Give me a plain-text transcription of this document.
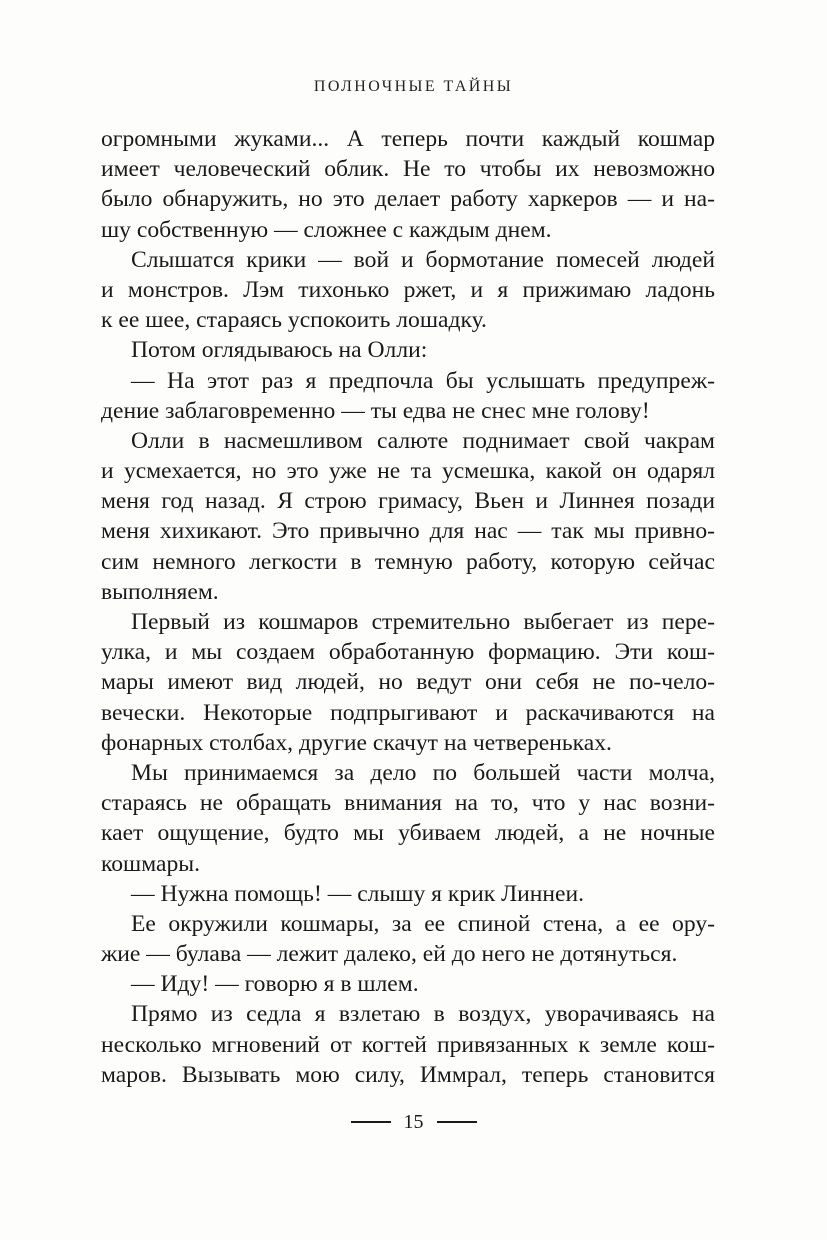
ПОЛНОЧНЫЕ ТАЙНЫ
огромными жуками... А теперь почти каждый кошмар
имеет человеческий облик. Не то чтобы их невозможно
было обнаружить, но это делает работу харкеров — и на-
шу собственную — сложнее с каждым днем.
Слышатся крики — вой и бормотание помесей людей
и монстров. Лэм тихонько ржет, и я прижимаю ладонь
к ее шее, стараясь успокоить лошадку.
Потом оглядываюсь на Олли:
— На этот раз я предпочла бы услышать предупреж-
дение заблаговременно — ты едва не снес мне голову!
Олли в насмешливом салюте поднимает свой чакрам
и усмехается, но это уже не та усмешка, какой он одарял
меня год назад. Я строю гримасу, Вьен и Линнея позади
меня хихикают. Это привычно для нас — так мы привно-
сим немного легкости в темную работу, которую сейчас
выполняем.
Первый из кошмаров стремительно выбегает из пере-
улка, и мы создаем обработанную формацию. Эти кош-
мары имеют вид людей, но ведут они себя не по-чело-
вечески. Некоторые подпрыгивают и раскачиваются на
фонарных столбах, другие скачут на четвереньках.
Мы принимаемся за дело по большей части молча,
стараясь не обращать внимания на то, что у нас возни-
кает ощущение, будто мы убиваем людей, а не ночные
кошмары.
— Нужна помощь! — слышу я крик Линнеи.
Ее окружили кошмары, за ее спиной стена, а ее ору-
жие — булава — лежит далеко, ей до него не дотянуться.
— Иду! — говорю я в шлем.
Прямо из седла я взлетаю в воздух, уворачиваясь на
несколько мгновений от когтей привязанных к земле кош-
маров. Вызывать мою силу, Иммрал, теперь становится
15
